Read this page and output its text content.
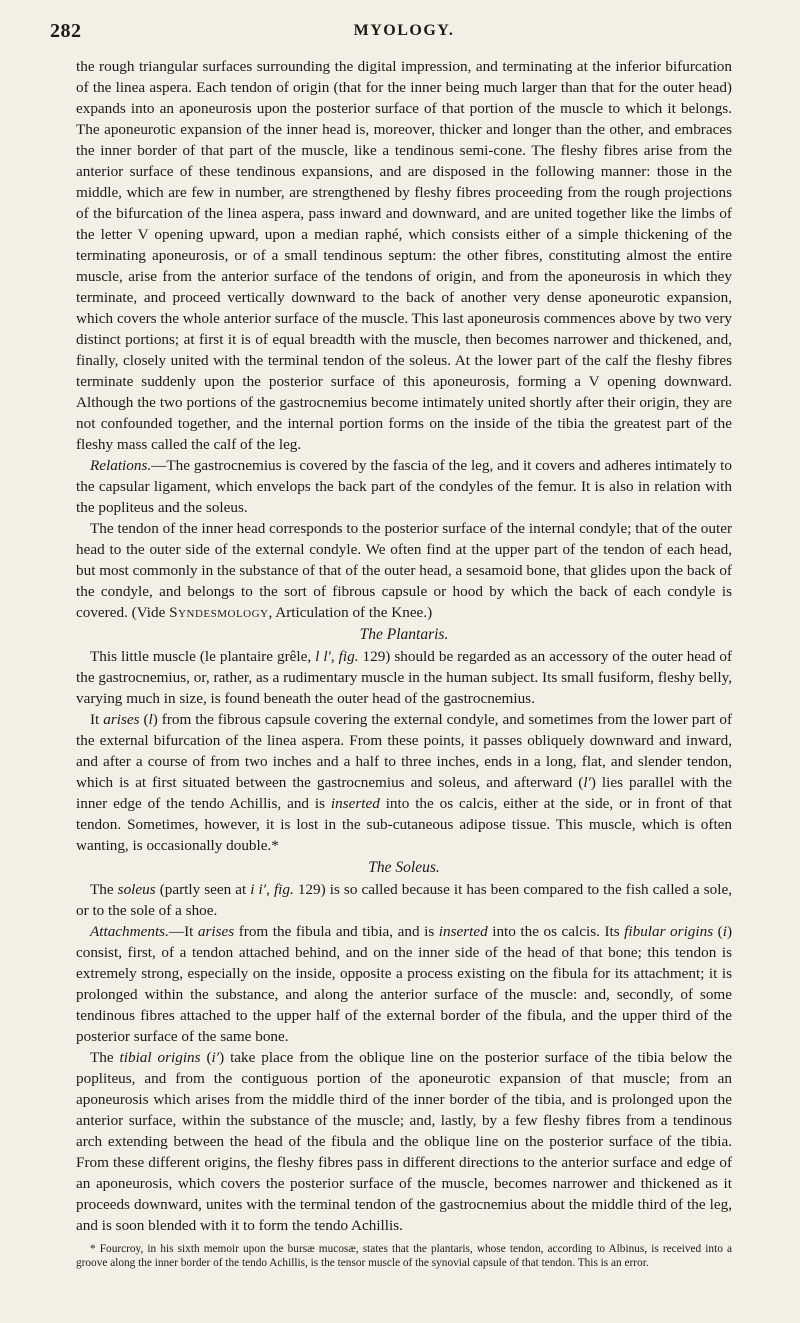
282	MYOLOGY.

the rough triangular surfaces surrounding the digital impression, and terminating at the inferior bifurcation of the linea aspera. Each tendon of origin (that for the inner being much larger than that for the outer head) expands into an aponeurosis upon the posterior surface of that portion of the muscle to which it belongs. The aponeurotic expansion of the inner head is, moreover, thicker and longer than the other, and embraces the inner border of that part of the muscle, like a tendinous semi-cone. The fleshy fibres arise from the anterior surface of these tendinous expansions, and are disposed in the following manner: those in the middle, which are few in number, are strengthened by fleshy fibres proceeding from the rough projections of the bifurcation of the linea aspera, pass inward and downward, and are united together like the limbs of the letter V opening upward, upon a median raphé, which consists either of a simple thickening of the terminating aponeurosis, or of a small tendinous septum: the other fibres, constituting almost the entire muscle, arise from the anterior surface of the tendons of origin, and from the aponeurosis in which they terminate, and proceed vertically downward to the back of another very dense aponeurotic expansion, which covers the whole anterior surface of the muscle. This last aponeurosis commences above by two very distinct portions; at first it is of equal breadth with the muscle, then becomes narrower and thickened, and, finally, closely united with the terminal tendon of the soleus. At the lower part of the calf the fleshy fibres terminate suddenly upon the posterior surface of this aponeurosis, forming a V opening downward. Although the two portions of the gastrocnemius become intimately united shortly after their origin, they are not confounded together, and the internal portion forms on the inside of the tibia the greatest part of the fleshy mass called the calf of the leg.

Relations.—The gastrocnemius is covered by the fascia of the leg, and it covers and adheres intimately to the capsular ligament, which envelops the back part of the condyles of the femur. It is also in relation with the popliteus and the soleus.

The tendon of the inner head corresponds to the posterior surface of the internal condyle; that of the outer head to the outer side of the external condyle. We often find at the upper part of the tendon of each head, but most commonly in the substance of that of the outer head, a sesamoid bone, that glides upon the back of the condyle, and belongs to the sort of fibrous capsule or hood by which the back of each condyle is covered. (Vide Syndesmology, Articulation of the Knee.)

The Plantaris.

This little muscle (le plantaire grêle, l l′, fig. 129) should be regarded as an accessory of the outer head of the gastrocnemius, or, rather, as a rudimentary muscle in the human subject. Its small fusiform, fleshy belly, varying much in size, is found beneath the outer head of the gastrocnemius.

It arises (l) from the fibrous capsule covering the external condyle, and sometimes from the lower part of the external bifurcation of the linea aspera. From these points, it passes obliquely downward and inward, and after a course of from two inches and a half to three inches, ends in a long, flat, and slender tendon, which is at first situated between the gastrocnemius and soleus, and afterward (l′) lies parallel with the inner edge of the tendo Achillis, and is inserted into the os calcis, either at the side, or in front of that tendon. Sometimes, however, it is lost in the sub-cutaneous adipose tissue. This muscle, which is often wanting, is occasionally double.*

The Soleus.

The soleus (partly seen at i i′, fig. 129) is so called because it has been compared to the fish called a sole, or to the sole of a shoe.

Attachments.—It arises from the fibula and tibia, and is inserted into the os calcis. Its fibular origins (i) consist, first, of a tendon attached behind, and on the inner side of the head of that bone; this tendon is extremely strong, especially on the inside, opposite a process existing on the fibula for its attachment; it is prolonged within the substance, and along the anterior surface of the muscle: and, secondly, of some tendinous fibres attached to the upper half of the external border of the fibula, and the upper third of the posterior surface of the same bone.

The tibial origins (i′) take place from the oblique line on the posterior surface of the tibia below the popliteus, and from the contiguous portion of the aponeurotic expansion of that muscle; from an aponeurosis which arises from the middle third of the inner border of the tibia, and is prolonged upon the anterior surface, within the substance of the muscle; and, lastly, by a few fleshy fibres from a tendinous arch extending between the head of the fibula and the oblique line on the posterior surface of the tibia. From these different origins, the fleshy fibres pass in different directions to the anterior surface and edge of an aponeurosis, which covers the posterior surface of the muscle, becomes narrower and thickened as it proceeds downward, unites with the terminal tendon of the gastrocnemius about the middle third of the leg, and is soon blended with it to form the tendo Achillis.

* Fourcroy, in his sixth memoir upon the bursæ mucosæ, states that the plantaris, whose tendon, according to Albinus, is received into a groove along the inner border of the tendo Achillis, is the tensor muscle of the synovial capsule of that tendon. This is an error.
